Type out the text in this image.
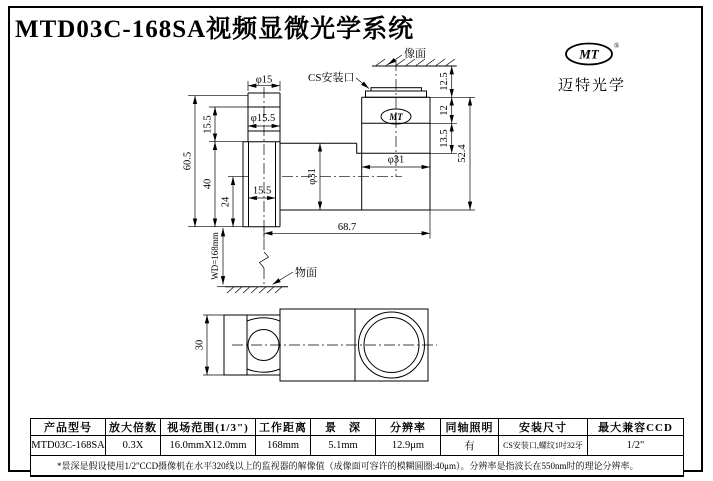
MTD03C-168SA视频显微光学系统
MT
®
迈特光学
MT
φ15
φ15.5
15.5
60.5
15.5
40
24
12.5
12
13.5
52.4
68.7
WD=168mm
φ31
φ31
30
像面
CS安装口
物面
产品型号	放大倍数	视场范围(1/3")	工作距离	景　深	分辨率	同轴照明	安装尺寸	最大兼容CCD
MTD03C-168SA	0.3X	16.0mmX12.0mm	168mm	5.1mm	12.9μm	有	CS安装口,螺纹1吋32牙	1/2"
*景深是假设使用1/2"CCD摄像机在水平320线以上的监视器的解像值（成像面可容许的模糊圆圈:40μm）。分辨率是指波长在550nm时的理论分辨率。								
